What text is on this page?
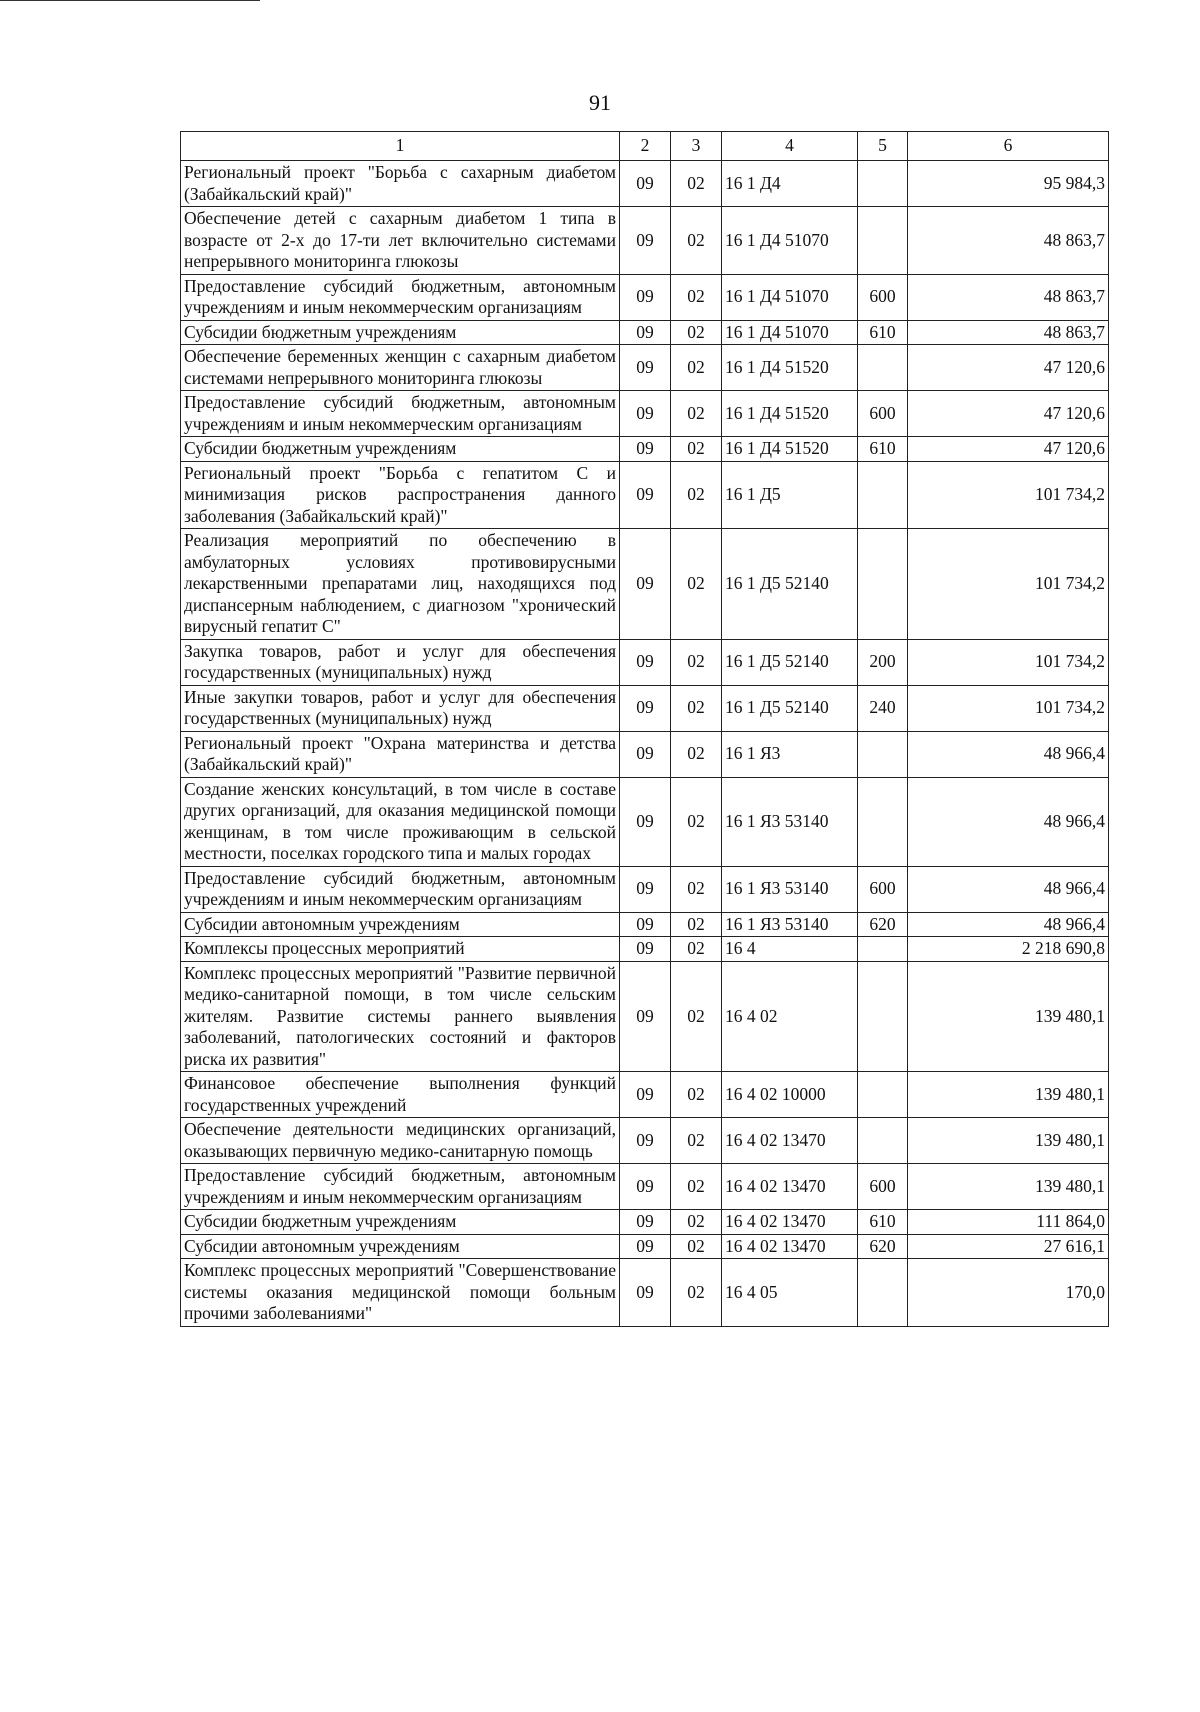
91
1	2	3	4	5	6
Региональный проект "Борьба с сахарным диабетом (Забайкальский край)"	09	02	16 1 Д4		95 984,3
Обеспечение детей с сахарным диабетом 1 типа в возрасте от 2-х до 17-ти лет включительно системами непрерывного мониторинга глюкозы	09	02	16 1 Д4 51070		48 863,7
Предоставление субсидий бюджетным, автономным учреждениям и иным некоммерческим организациям	09	02	16 1 Д4 51070	600	48 863,7
Субсидии бюджетным учреждениям	09	02	16 1 Д4 51070	610	48 863,7
Обеспечение беременных женщин с сахарным диабетом системами непрерывного мониторинга глюкозы	09	02	16 1 Д4 51520		47 120,6
Предоставление субсидий бюджетным, автономным учреждениям и иным некоммерческим организациям	09	02	16 1 Д4 51520	600	47 120,6
Субсидии бюджетным учреждениям	09	02	16 1 Д4 51520	610	47 120,6
Региональный проект "Борьба с гепатитом С и минимизация рисков распространения данного заболевания (Забайкальский край)"	09	02	16 1 Д5		101 734,2
Реализация мероприятий по обеспечению в амбулаторных условиях противовирусными лекарственными препаратами лиц, находящихся под диспансерным наблюдением, с диагнозом "хронический вирусный гепатит С"	09	02	16 1 Д5 52140		101 734,2
Закупка товаров, работ и услуг для обеспечения государственных (муниципальных) нужд	09	02	16 1 Д5 52140	200	101 734,2
Иные закупки товаров, работ и услуг для обеспечения государственных (муниципальных) нужд	09	02	16 1 Д5 52140	240	101 734,2
Региональный проект "Охрана материнства и детства (Забайкальский край)"	09	02	16 1 Я3		48 966,4
Создание женских консультаций, в том числе в составе других организаций, для оказания медицинской помощи женщинам, в том числе проживающим в сельской местности, поселках городского типа и малых городах	09	02	16 1 Я3 53140		48 966,4
Предоставление субсидий бюджетным, автономным учреждениям и иным некоммерческим организациям	09	02	16 1 Я3 53140	600	48 966,4
Субсидии автономным учреждениям	09	02	16 1 Я3 53140	620	48 966,4
Комплексы процессных мероприятий	09	02	16 4		2 218 690,8
Комплекс процессных мероприятий "Развитие первичной медико-санитарной помощи, в том числе сельским жителям. Развитие системы раннего выявления заболеваний, патологических состояний и факторов риска их развития"	09	02	16 4 02		139 480,1
Финансовое обеспечение выполнения функций государственных учреждений	09	02	16 4 02 10000		139 480,1
Обеспечение деятельности медицинских организаций, оказывающих первичную медико-санитарную помощь	09	02	16 4 02 13470		139 480,1
Предоставление субсидий бюджетным, автономным учреждениям и иным некоммерческим организациям	09	02	16 4 02 13470	600	139 480,1
Субсидии бюджетным учреждениям	09	02	16 4 02 13470	610	111 864,0
Субсидии автономным учреждениям	09	02	16 4 02 13470	620	27 616,1
Комплекс процессных мероприятий "Совершенствование системы оказания медицинской помощи больным прочими заболеваниями"	09	02	16 4 05		170,0
